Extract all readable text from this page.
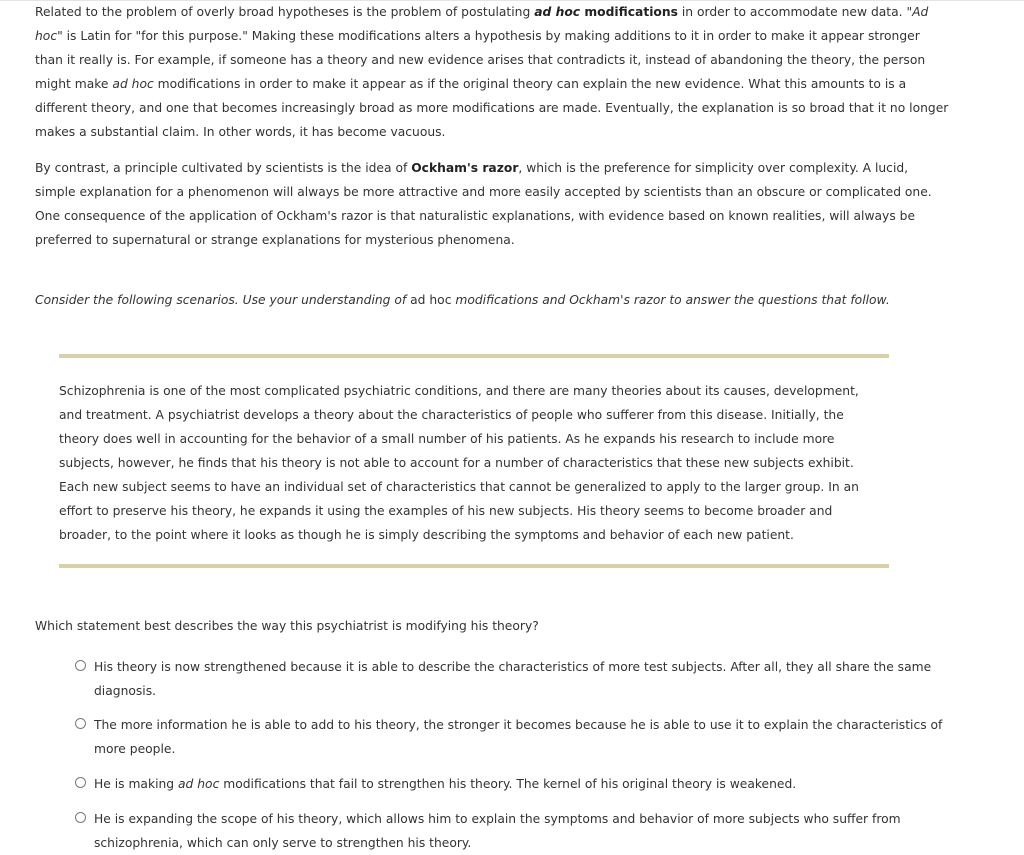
Related to the problem of overly broad hypotheses is the problem of postulating ad hoc modifications in order to accommodate new data. "Ad hoc" is Latin for "for this purpose." Making these modifications alters a hypothesis by making additions to it in order to make it appear stronger than it really is. For example, if someone has a theory and new evidence arises that contradicts it, instead of abandoning the theory, the person might make ad hoc modifications in order to make it appear as if the original theory can explain the new evidence. What this amounts to is a different theory, and one that becomes increasingly broad as more modifications are made. Eventually, the explanation is so broad that it no longer makes a substantial claim. In other words, it has become vacuous.

By contrast, a principle cultivated by scientists is the idea of Ockham's razor, which is the preference for simplicity over complexity. A lucid, simple explanation for a phenomenon will always be more attractive and more easily accepted by scientists than an obscure or complicated one. One consequence of the application of Ockham's razor is that naturalistic explanations, with evidence based on known realities, will always be preferred to supernatural or strange explanations for mysterious phenomena.

Consider the following scenarios. Use your understanding of ad hoc modifications and Ockham's razor to answer the questions that follow.

Schizophrenia is one of the most complicated psychiatric conditions, and there are many theories about its causes, development, and treatment. A psychiatrist develops a theory about the characteristics of people who sufferer from this disease. Initially, the theory does well in accounting for the behavior of a small number of his patients. As he expands his research to include more subjects, however, he finds that his theory is not able to account for a number of characteristics that these new subjects exhibit. Each new subject seems to have an individual set of characteristics that cannot be generalized to apply to the larger group. In an effort to preserve his theory, he expands it using the examples of his new subjects. His theory seems to become broader and broader, to the point where it looks as though he is simply describing the symptoms and behavior of each new patient.

Which statement best describes the way this psychiatrist is modifying his theory?

His theory is now strengthened because it is able to describe the characteristics of more test subjects. After all, they all share the same diagnosis.
The more information he is able to add to his theory, the stronger it becomes because he is able to use it to explain the characteristics of more people.
He is making ad hoc modifications that fail to strengthen his theory. The kernel of his original theory is weakened.
He is expanding the scope of his theory, which allows him to explain the symptoms and behavior of more subjects who suffer from schizophrenia, which can only serve to strengthen his theory.
